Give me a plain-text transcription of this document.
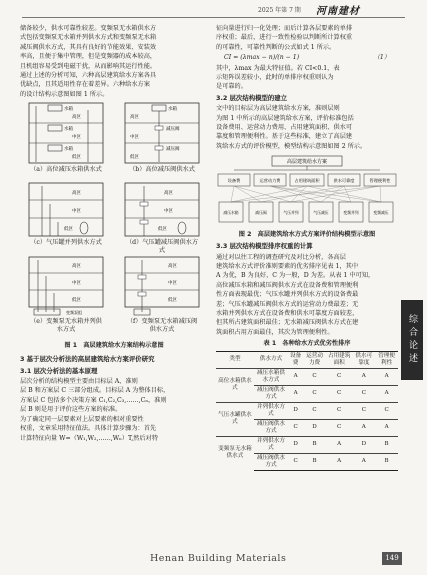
2025 年第 7 期 河南建材
综合论述
储备较少，供水可靠性较差。变频泵无水箱供水方
式包括变频泵无水箱并列供水方式和变频泵无水箱
减压阀供水方式，其具有良好的节能效果、安装效
率高，且便于集中管理，但是变频器的成本较高，
且机组容易受到电磁干扰，从而影响其运行性能。
通过上述的分析可知，六种高层建筑给水方案各具
优缺点，且其适用性存在着差异。六种给水方案
的设计结构示意图如图 1 所示。
水箱
水箱
水箱
高区
中区
低区
（a）高位减压水箱供水式
水箱
高区
减压阀
中区
减压阀
低区
（b）高位减压阀供水式
高区
中区
低区
（c）气压罐并列供水方式
高区
中区
低区
（d）气压罐减压阀供水方式
高区
中区
低区
变频泵组
（e）变频泵无水箱并列供水方式
高区
中区
低区
（f）变频泵无水箱减压阀供水方式
图 1　高层建筑给水方案结构示意图
3 基于层次分析法的高层建筑给水方案评价研究
3.1 层次分析法的基本原理
层次分析的结构模型主要由目标层 A、准则
层 B 和方案层 C 三部分组成。目标层 A 为整体目标，
方案层 C 包括多个决策方案 C₁,C₂,C₃,……,Cₙ，准则
层 B 则是用于评价这些方案的标准。
为了确定同一层要素对上层要素的相对重要性
权重，文章采用特征值法。具体计算步骤为：首先
计算特征向量 W=（W₁,W₂,……,Wₙ）T,然后对特
征向量进行归一化处理；而后计算各层要素的单排
序权重；最后，进行一致性检验以判断所计算权重
的可靠性，可靠性判断的公式如式 1 所示。
CI = (λmax − n)/(n − 1)	（1）
其中，λmax 为最大特征值。若 CI<0.1，表
示矩阵误差较小，此时的单排序权重则认为
是可靠的。
3.2 层次结构模型的建立
文中的目标层为高层建筑给水方案，准则层则
为图 1 中所示的高层建筑给水方案，评价标准包括
设备费用、运营动力费用、占用建筑面积、供水可
靠度和管理便利性。基于这些标准，建立了高层建
筑给水方式的评价模型，模型结构示意图如图 2 所示。
高层建筑给水方案
设备费	运营动力费	占用建筑面积	供水可靠度	管理便利性
减压水箱	减压阀	气压并列	气压减压	变频并列	变频减压
图 2　高层建筑给水方式方案评价结构模型示意图
3.3 层次结构模型排序权重的计算
通过对以往工程的调查研究及对比分析，各高层
建筑给水方式评价准则要素的优劣排序见表 1，其中
A 为优，B 为良好，C 为一般，D 为差。从表 1 中可知，
高位减压水箱和减压阀供水方式在设备费和管理便利
性方面表现最优；气压水罐并列供水方式的设备费最
差；气压水罐减压阀供水方式的运营动力费最差；无
水箱并列供水方式在设备费和供水可靠度方面较差，
但其所占建筑面积最佳；无水箱减压阀供水方式在建
筑面积占用方面最佳，其次为管理便利性。
表 1　各种给水方式优劣性排序
类型	供水方式	设备费	运营动力费	占用建筑面积	供水可靠度	管理便利性
高位水箱供水式	减压水箱供水方式	A	C	C	A	A
	减压阀供水方式	A	C	C	C	A
气压水罐供水式	并列供水方式	D	C	C	C	C
	减压阀供水方式	C	D	C	A	A
变频泵无水箱供水式	并列供水方式	D	B	A	D	B
	减压阀供水方式	C	B	A	A	B
Henan Building Materials	149
